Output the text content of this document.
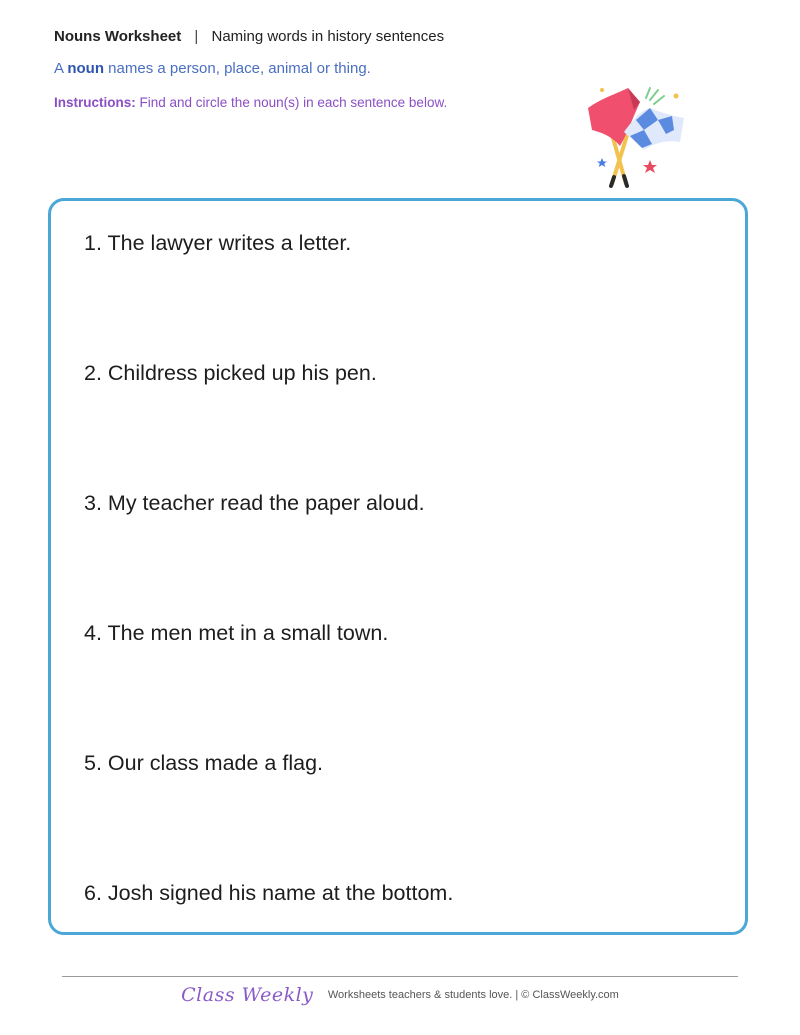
Nouns Worksheet | Naming words in history sentences
A noun names a person, place, animal or thing.
Instructions: Find and circle the noun(s) in each sentence below.
1. The lawyer writes a letter.
2. Childress picked up his pen.
3. My teacher read the paper aloud.
4. The men met in a small town.
5. Our class made a flag.
6. Josh signed his name at the bottom.
Class Weekly Worksheets teachers & students love. | © ClassWeekly.com
